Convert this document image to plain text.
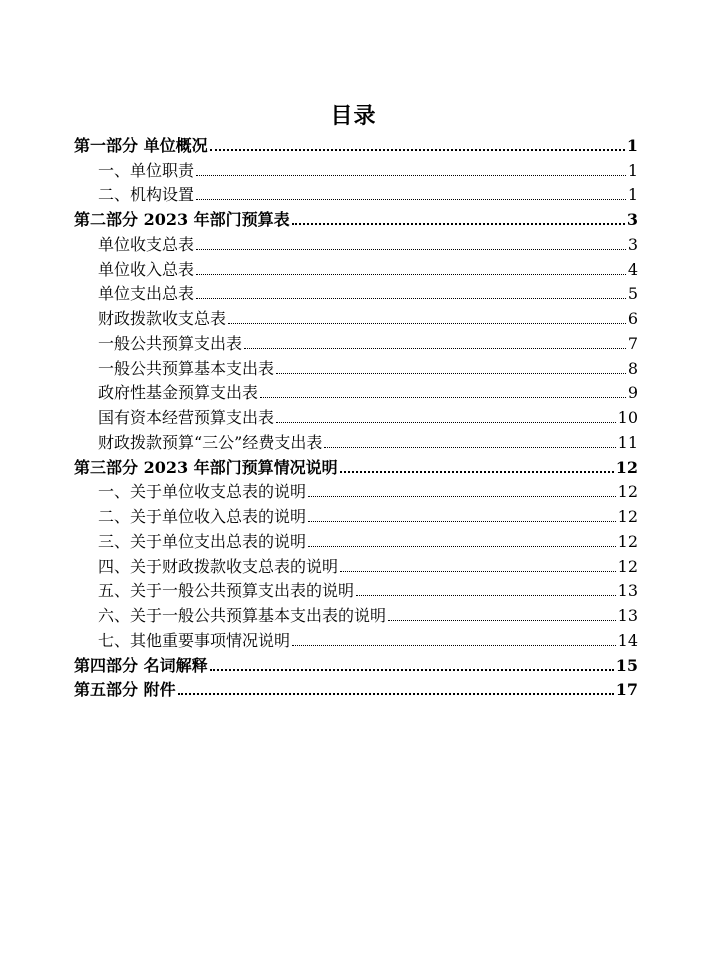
目录
第一部分 单位概况	1
一、单位职责	1
二、机构设置	1
第二部分 2023 年部门预算表	3
单位收支总表	3
单位收入总表	4
单位支出总表	5
财政拨款收支总表	6
一般公共预算支出表	7
一般公共预算基本支出表	8
政府性基金预算支出表	9
国有资本经营预算支出表	10
财政拨款预算“三公”经费支出表	11
第三部分 2023 年部门预算情况说明	12
一、关于单位收支总表的说明	12
二、关于单位收入总表的说明	12
三、关于单位支出总表的说明	12
四、关于财政拨款收支总表的说明	12
五、关于一般公共预算支出表的说明	13
六、关于一般公共预算基本支出表的说明	13
七、其他重要事项情况说明	14
第四部分 名词解释	15
第五部分 附件	17
